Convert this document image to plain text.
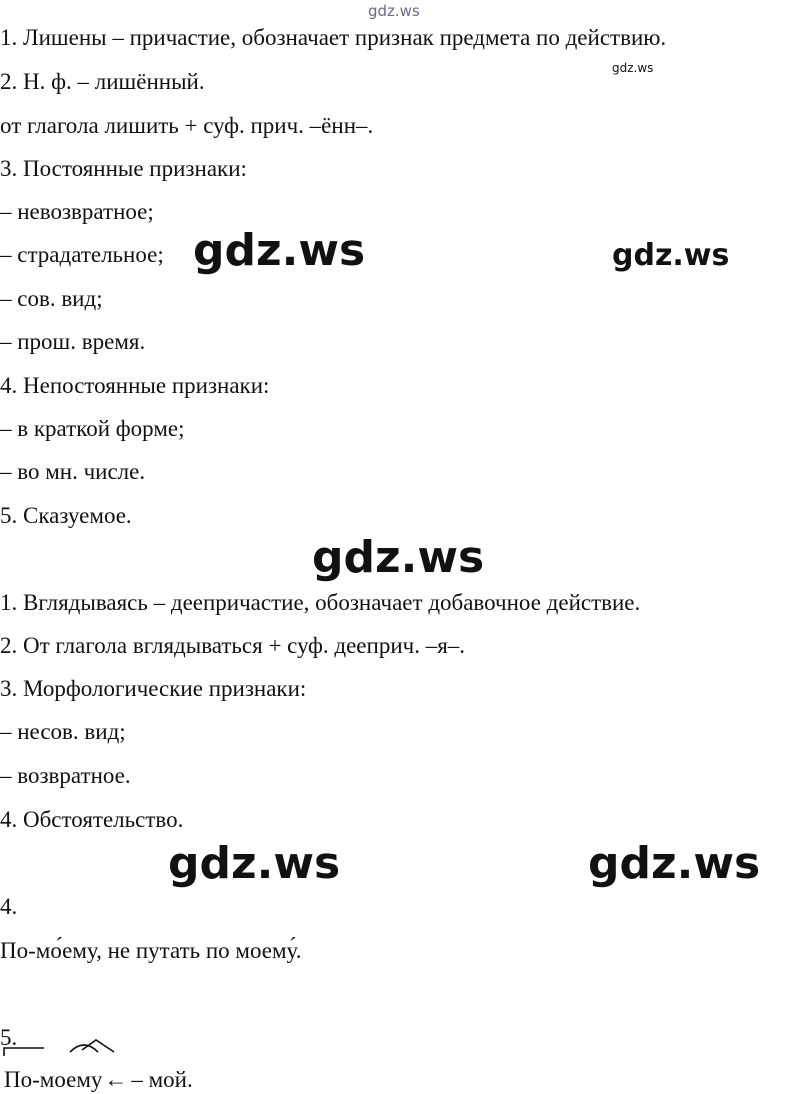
gdz.ws
1. Лишены – причастие, обозначает признак предмета по действию.
gdz.ws
2. Н. ф. – лишённый.
от глагола лишить + суф. прич. –ённ–.
3. Постоянные признаки:
– невозвратное;
– страдательное; gdz.ws	gdz.ws
– сов. вид;
– прош. время.
4. Непостоянные признаки:
– в краткой форме;
– во мн. числе.
5. Сказуемое.
gdz.ws
1. Вглядываясь – деепричастие, обозначает добавочное действие.
2. От глагола вглядываться + суф. деeприч. –я–.
3. Морфологические признаки:
– несов. вид;
– возвратное.
4. Обстоятельство.
gdz.ws	gdz.ws
4.
По-мо́ему, не путать по моему́.
5.
По-моему← – мой.
